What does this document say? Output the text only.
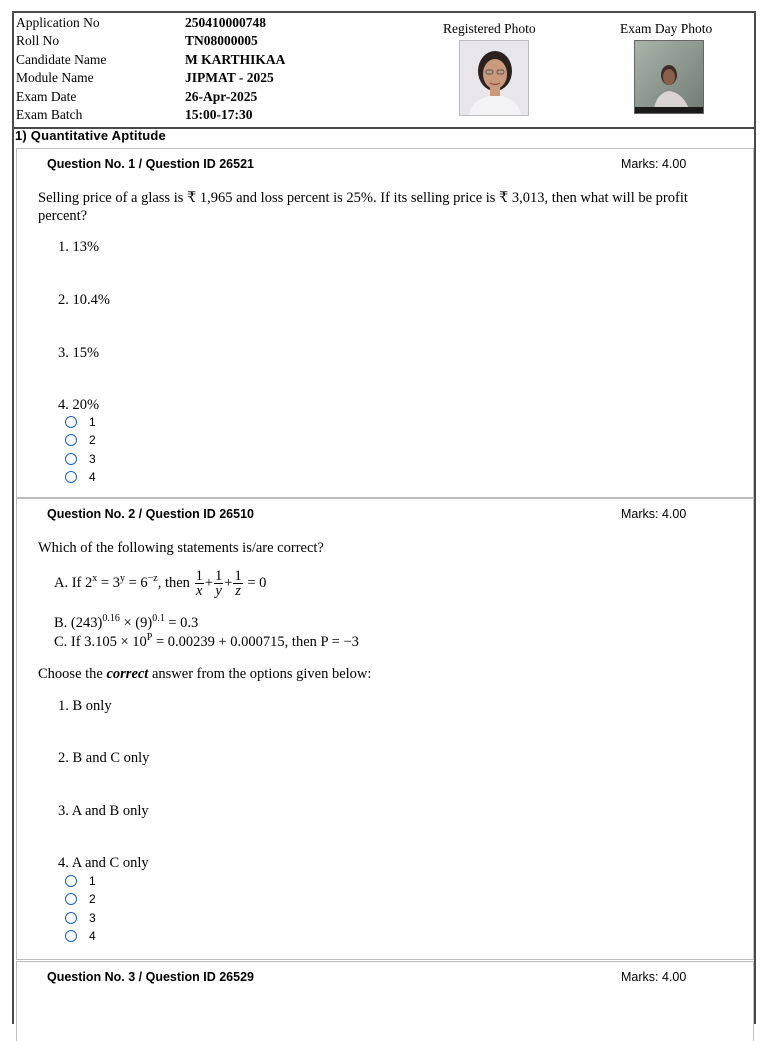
Application No	250410000748
Roll No	TN08000005
Candidate Name	M KARTHIKAA
Module Name	JIPMAT - 2025
Exam Date	26-Apr-2025
Exam Batch	15:00-17:30
Registered Photo	Exam Day Photo
1) Quantitative Aptitude
Question No. 1 / Question ID 26521	Marks: 4.00
Selling price of a glass is ₹ 1,965 and loss percent is 25%. If its selling price is ₹ 3,013, then what will be profit percent?
1. 13%
2. 10.4%
3. 15%
4. 20%
1
2
3
4
Question No. 2 / Question ID 26510	Marks: 4.00
Which of the following statements is/are correct?
A. If $2^x = 3^y = 6^{-z}$, then $\frac{1}{x} + \frac{1}{y} + \frac{1}{z} = 0$
B. $(243)^{0.16} \times (9)^{0.1} = 0.3$
C. If $3.105 \times 10^P = 0.00239 + 0.000715$, then P = −3
Choose the correct answer from the options given below:
1. B only
2. B and C only
3. A and B only
4. A and C only
1
2
3
4
Question No. 3 / Question ID 26529	Marks: 4.00
